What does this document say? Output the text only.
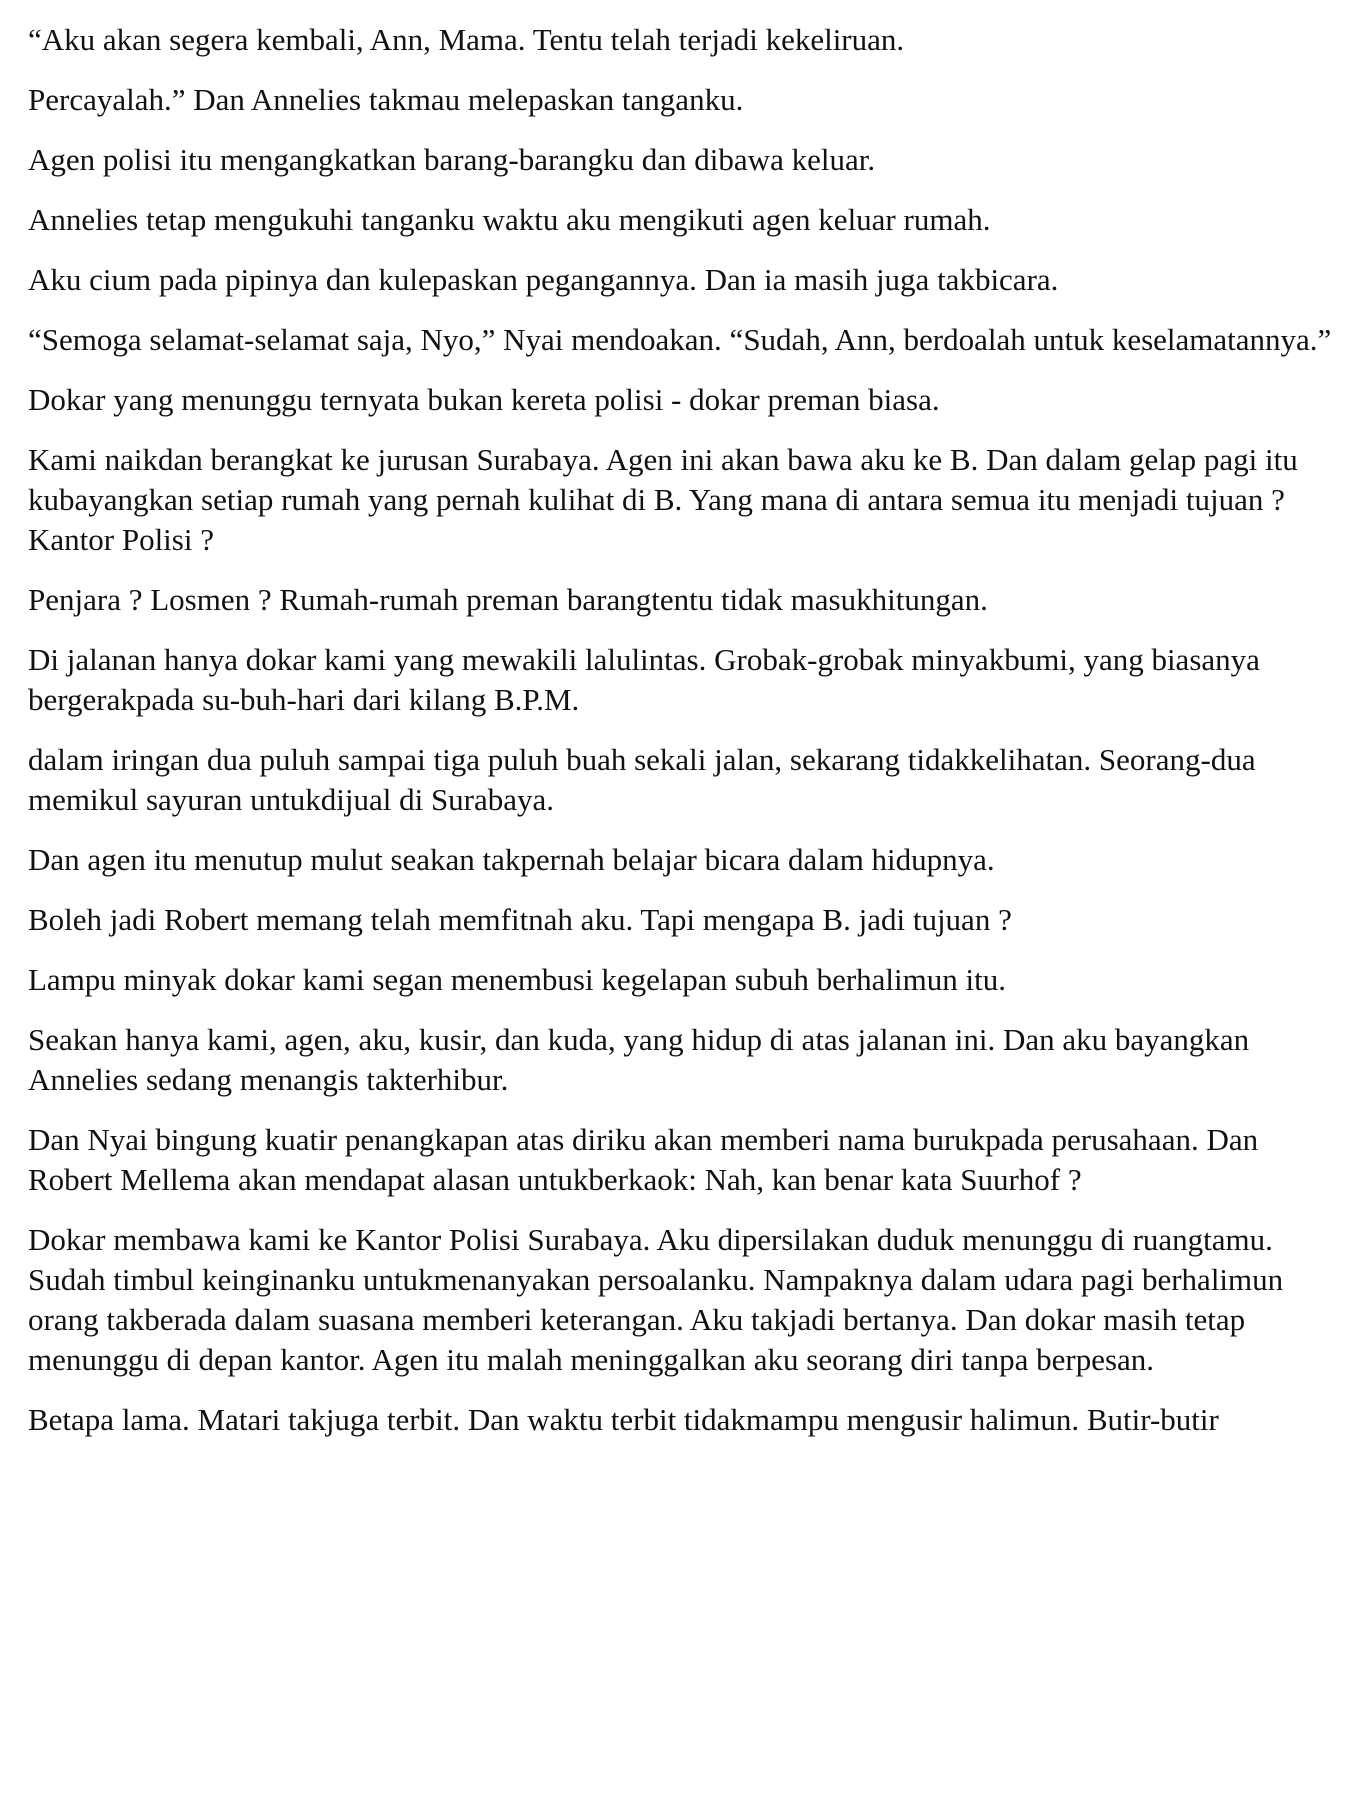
“Aku akan segera kembali, Ann, Mama. Tentu telah terjadi kekeliruan.

Percayalah.” Dan Annelies takmau melepaskan tanganku.

Agen polisi itu mengangkatkan barang-barangku dan dibawa keluar.

Annelies tetap mengukuhi tanganku waktu aku mengikuti agen keluar rumah.

Aku cium pada pipinya dan kulepaskan pegangannya. Dan ia masih juga takbicara.

“Semoga selamat-selamat saja, Nyo,” Nyai mendoakan. “Sudah, Ann, berdoalah untuk keselamatannya.”

Dokar yang menunggu ternyata bukan kereta polisi - dokar preman biasa.

Kami naikdan berangkat ke jurusan Surabaya. Agen ini akan bawa aku ke B. Dan dalam gelap pagi itu kubayangkan setiap rumah yang pernah kulihat di B. Yang mana di antara semua itu menjadi tujuan ? Kantor Polisi ?

Penjara ? Losmen ? Rumah-rumah preman barangtentu tidak masukhitungan.

Di jalanan hanya dokar kami yang mewakili lalulintas. Grobak-grobak minyakbumi, yang biasanya bergerakpada su-buh-hari dari kilang B.P.M.

dalam iringan dua puluh sampai tiga puluh buah sekali jalan, sekarang tidakkelihatan. Seorang-dua memikul sayuran untukdijual di Surabaya.

Dan agen itu menutup mulut seakan takpernah belajar bicara dalam hidupnya.

Boleh jadi Robert memang telah memfitnah aku. Tapi mengapa B. jadi tujuan ?

Lampu minyak dokar kami segan menembusi kegelapan subuh berhalimun itu.

Seakan hanya kami, agen, aku, kusir, dan kuda, yang hidup di atas jalanan ini. Dan aku bayangkan Annelies sedang menangis takterhibur.

Dan Nyai bingung kuatir penangkapan atas diriku akan memberi nama burukpada perusahaan. Dan Robert Mellema akan mendapat alasan untukberkaok: Nah, kan benar kata Suurhof ?

Dokar membawa kami ke Kantor Polisi Surabaya. Aku dipersilakan duduk menunggu di ruangtamu. Sudah timbul keinginanku untukmenanyakan persoalanku. Nampaknya dalam udara pagi berhalimun orang takberada dalam suasana memberi keterangan. Aku takjadi bertanya. Dan dokar masih tetap menunggu di depan kantor. Agen itu malah meninggalkan aku seorang diri tanpa berpesan.

Betapa lama. Matari takjuga terbit. Dan waktu terbit tidakmampu mengusir halimun. Butir-butir
